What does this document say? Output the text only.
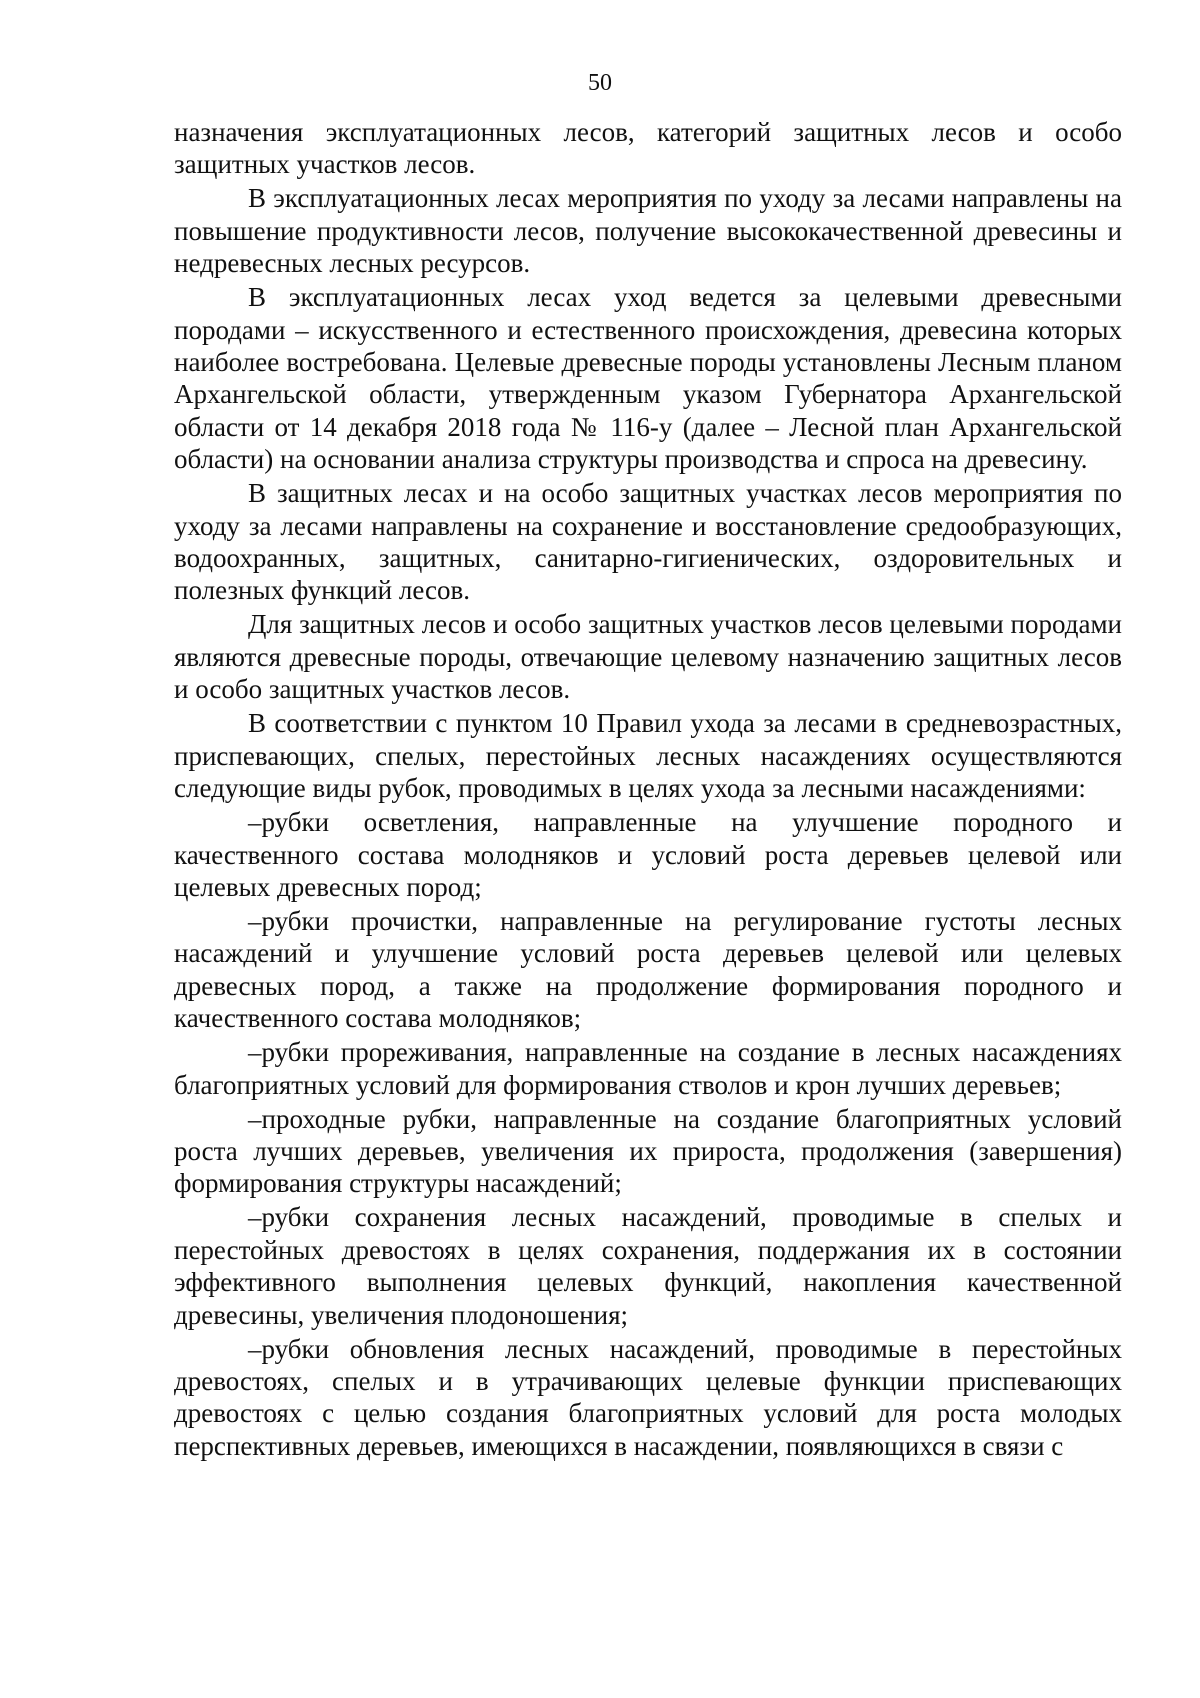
50

назначения эксплуатационных лесов, категорий защитных лесов и особо защитных участков лесов.

В эксплуатационных лесах мероприятия по уходу за лесами направлены на повышение продуктивности лесов, получение высококачественной древесины и недревесных лесных ресурсов.

В эксплуатационных лесах уход ведется за целевыми древесными породами – искусственного и естественного происхождения, древесина которых наиболее востребована. Целевые древесные породы установлены Лесным планом Архангельской области, утвержденным указом Губернатора Архангельской области от 14 декабря 2018 года № 116-у (далее – Лесной план Архангельской области) на основании анализа структуры производства и спроса на древесину.

В защитных лесах и на особо защитных участках лесов мероприятия по уходу за лесами направлены на сохранение и восстановление средообразующих, водоохранных, защитных, санитарно-гигиенических, оздоровительных и полезных функций лесов.

Для защитных лесов и особо защитных участков лесов целевыми породами являются древесные породы, отвечающие целевому назначению защитных лесов и особо защитных участков лесов.

В соответствии с пунктом 10 Правил ухода за лесами в средневозрастных, приспевающих, спелых, перестойных лесных насаждениях осуществляются следующие виды рубок, проводимых в целях ухода за лесными насаждениями:

–рубки осветления, направленные на улучшение породного и качественного состава молодняков и условий роста деревьев целевой или целевых древесных пород;

–рубки прочистки, направленные на регулирование густоты лесных насаждений и улучшение условий роста деревьев целевой или целевых древесных пород, а также на продолжение формирования породного и качественного состава молодняков;

–рубки прореживания, направленные на создание в лесных насаждениях благоприятных условий для формирования стволов и крон лучших деревьев;

–проходные рубки, направленные на создание благоприятных условий роста лучших деревьев, увеличения их прироста, продолжения (завершения) формирования структуры насаждений;

–рубки сохранения лесных насаждений, проводимые в спелых и перестойных древостоях в целях сохранения, поддержания их в состоянии эффективного выполнения целевых функций, накопления качественной древесины, увеличения плодоношения;

–рубки обновления лесных насаждений, проводимые в перестойных древостоях, спелых и в утрачивающих целевые функции приспевающих древостоях с целью создания благоприятных условий для роста молодых перспективных деревьев, имеющихся в насаждении, появляющихся в связи с
